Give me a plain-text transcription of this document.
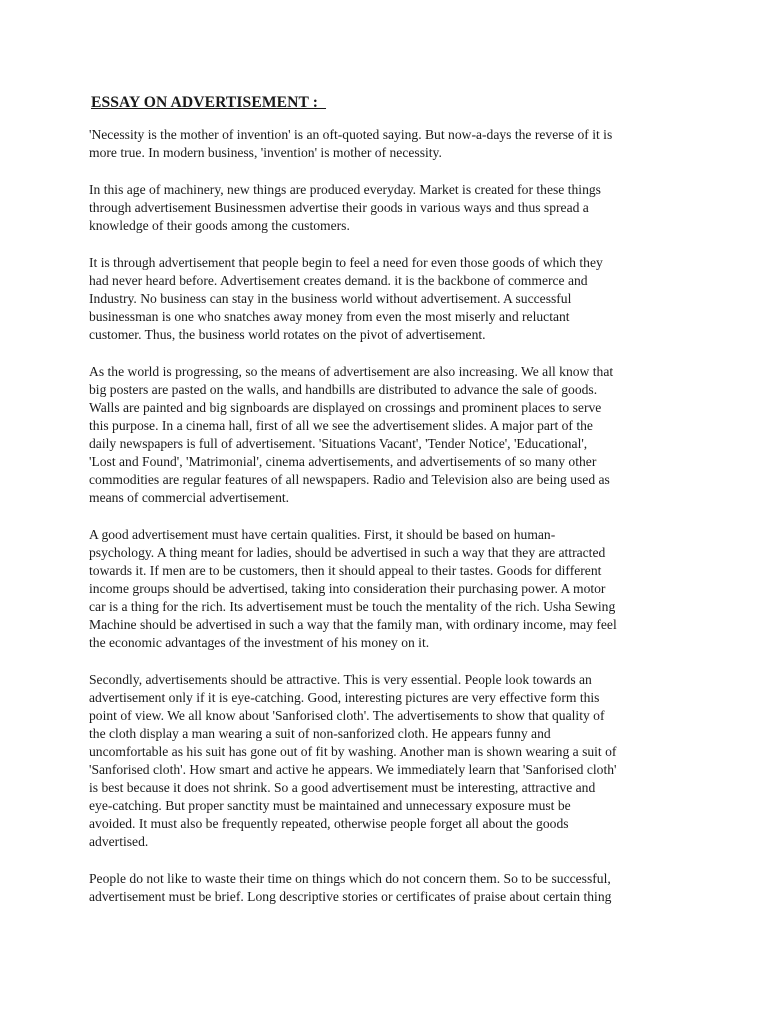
ESSAY ON ADVERTISEMENT :

'Necessity is the mother of invention' is an oft-quoted saying. But now-a-days the reverse of it is
more true. In modern business, 'invention' is mother of necessity.

In this age of machinery, new things are produced everyday. Market is created for these things
through advertisement Businessmen advertise their goods in various ways and thus spread a
knowledge of their goods among the customers.

It is through advertisement that people begin to feel a need for even those goods of which they
had never heard before. Advertisement creates demand. it is the backbone of commerce and
Industry. No business can stay in the business world without advertisement. A successful
businessman is one who snatches away money from even the most miserly and reluctant
customer. Thus, the business world rotates on the pivot of advertisement.

As the world is progressing, so the means of advertisement are also increasing. We all know that
big posters are pasted on the walls, and handbills are distributed to advance the sale of goods.
Walls are painted and big signboards are displayed on crossings and prominent places to serve
this purpose. In a cinema hall, first of all we see the advertisement slides. A major part of the
daily newspapers is full of advertisement. 'Situations Vacant', 'Tender Notice', 'Educational',
'Lost and Found', 'Matrimonial', cinema advertisements, and advertisements of so many other
commodities are regular features of all newspapers. Radio and Television also are being used as
means of commercial advertisement.

A good advertisement must have certain qualities. First, it should be based on human-
psychology. A thing meant for ladies, should be advertised in such a way that they are attracted
towards it. If men are to be customers, then it should appeal to their tastes. Goods for different
income groups should be advertised, taking into consideration their purchasing power. A motor
car is a thing for the rich. Its advertisement must be touch the mentality of the rich. Usha Sewing
Machine should be advertised in such a way that the family man, with ordinary income, may feel
the economic advantages of the investment of his money on it.

Secondly, advertisements should be attractive. This is very essential. People look towards an
advertisement only if it is eye-catching. Good, interesting pictures are very effective form this
point of view. We all know about 'Sanforised cloth'. The advertisements to show that quality of
the cloth display a man wearing a suit of non-sanforized cloth. He appears funny and
uncomfortable as his suit has gone out of fit by washing. Another man is shown wearing a suit of
'Sanforised cloth'. How smart and active he appears. We immediately learn that 'Sanforised cloth'
is best because it does not shrink. So a good advertisement must be interesting, attractive and
eye-catching. But proper sanctity must be maintained and unnecessary exposure must be
avoided. It must also be frequently repeated, otherwise people forget all about the goods
advertised.

People do not like to waste their time on things which do not concern them. So to be successful,
advertisement must be brief. Long descriptive stories or certificates of praise about certain thing
